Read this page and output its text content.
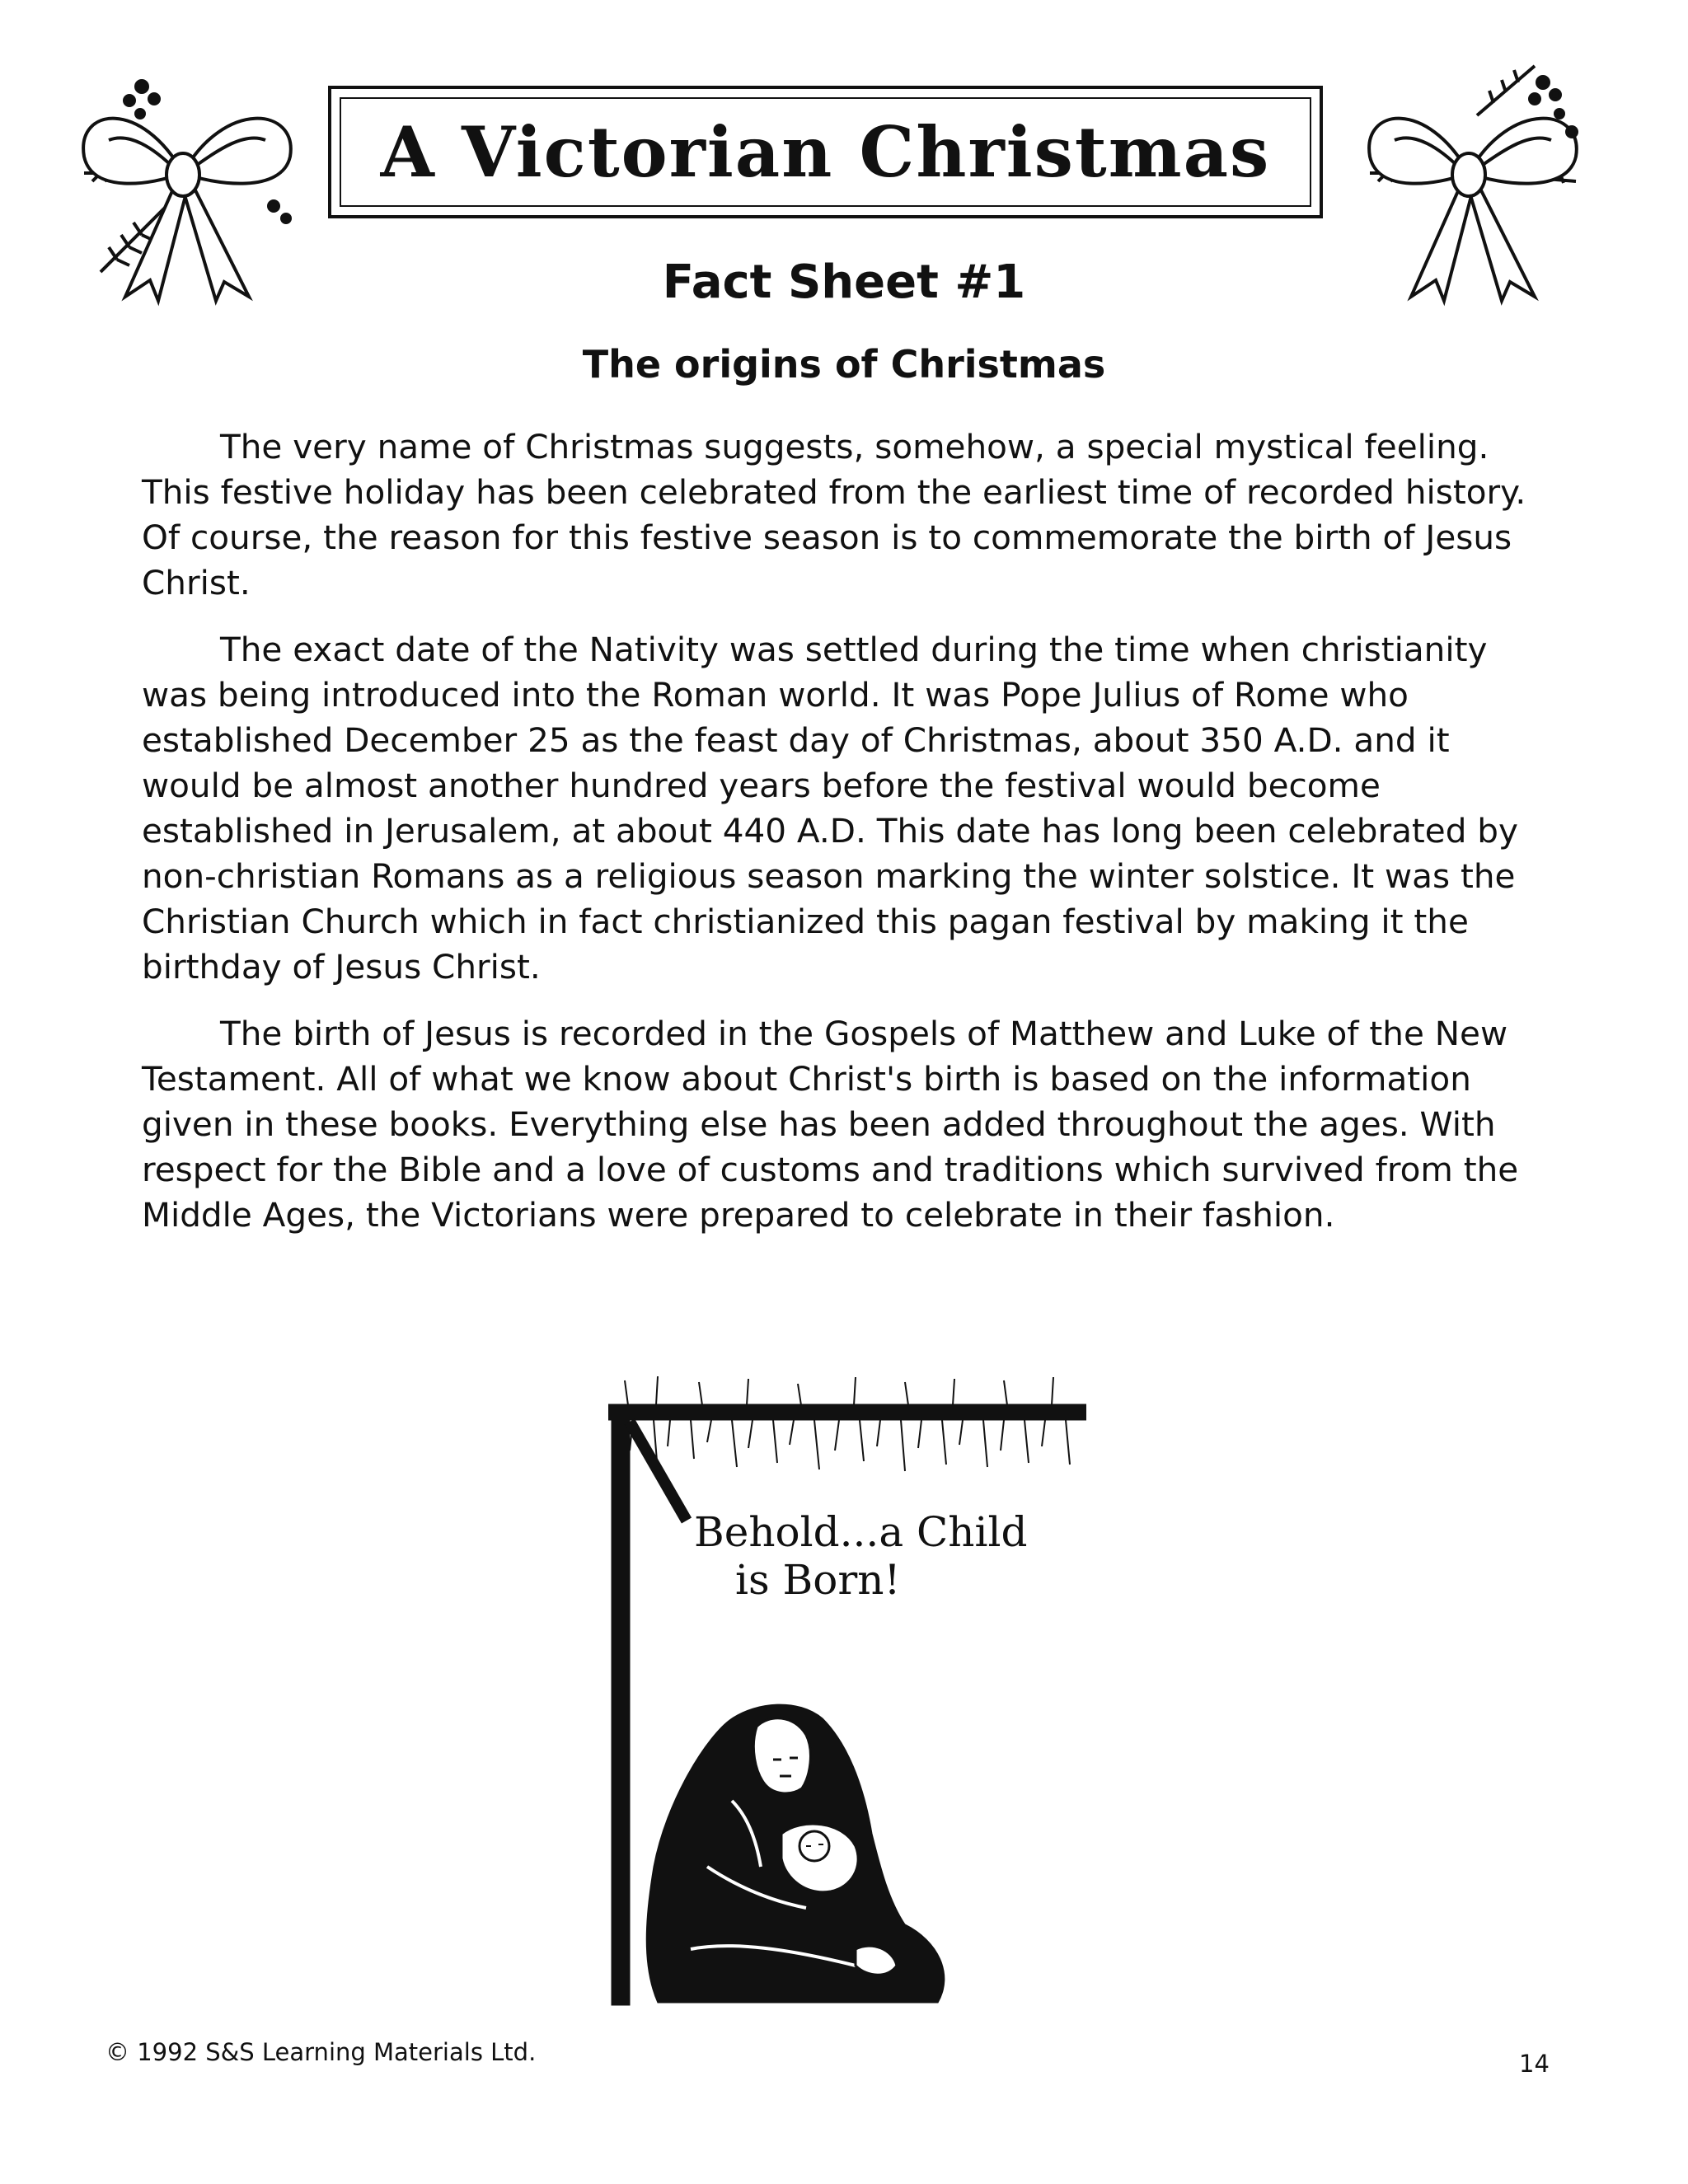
A Victorian Christmas
Fact Sheet #1
The origins of Christmas

The very name of Christmas suggests, somehow, a special mystical feeling. This festive holiday has been celebrated from the earliest time of recorded history. Of course, the reason for this festive season is to commemorate the birth of Jesus Christ.

The exact date of the Nativity was settled during the time when christianity was being introduced into the Roman world. It was Pope Julius of Rome who established December 25 as the feast day of Christmas, about 350 A.D. and it would be almost another hundred years before the festival would become established in Jerusalem, at about 440 A.D. This date has long been celebrated by non-christian Romans as a religious season marking the winter solstice. It was the Christian Church which in fact christianized this pagan festival by making it the birthday of Jesus Christ.

The birth of Jesus is recorded in the Gospels of Matthew and Luke of the New Testament. All of what we know about Christ's birth is based on the information given in these books. Everything else has been added throughout the ages. With respect for the Bible and a love of customs and traditions which survived from the Middle Ages, the Victorians were prepared to celebrate in their fashion.

Behold...a Child
is Born!
© 1992 S&S Learning Materials Ltd.	14
